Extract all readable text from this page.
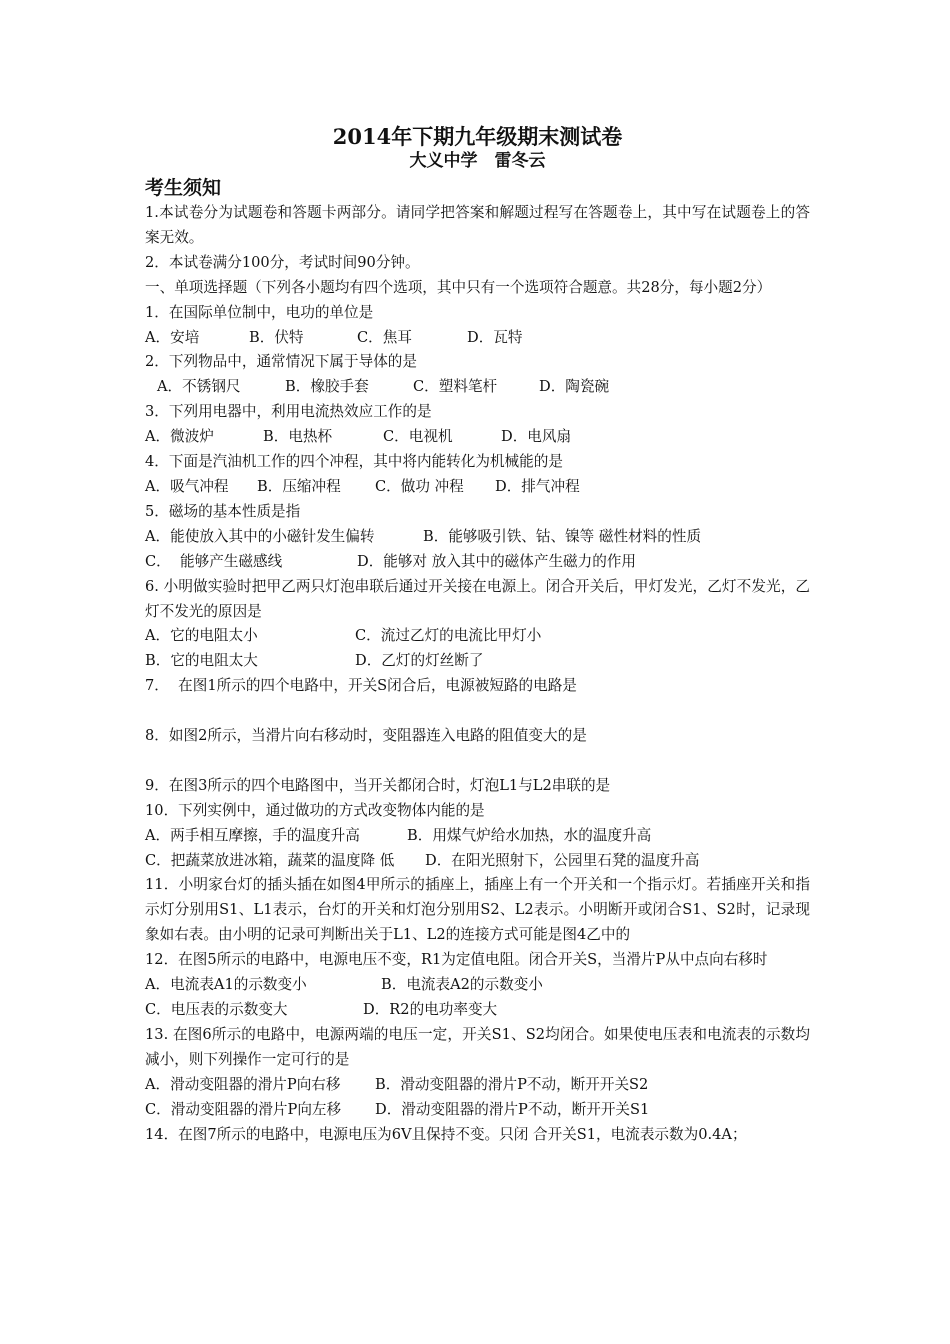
2014年下期九年级期末测试卷
大义中学　雷冬云
考生须知
1.本试卷分为试题卷和答题卡两部分。请同学把答案和解题过程写在答题卷上，其中写在试题卷上的答案无效。
2．本试卷满分100分，考试时间90分钟。
一、单项选择题（下列各小题均有四个选项，其中只有一个选项符合题意。共28分，每小题2分）
1．在国际单位制中，电功的单位是
A．安培	B．伏特	C．焦耳	D．瓦特
2．下列物品中，通常情况下属于导体的是
A．不锈钢尺	B．橡胶手套	C．塑料笔杆	D．陶瓷碗
3．下列用电器中，利用电流热效应工作的是
A．微波炉	B．电热杯	C．电视机	D．电风扇
4．下面是汽油机工作的四个冲程，其中将内能转化为机械能的是
A．吸气冲程	B．压缩冲程	C．做功 冲程	D．排气冲程
5．磁场的基本性质是指
A．能使放入其中的小磁针发生偏转	B．能够吸引铁、钴、镍等 磁性材料的性质
C．  能够产生磁感线	D．能够对 放入其中的磁体产生磁力的作用
6. 小明做实验时把甲乙两只灯泡串联后通过开关接在电源上。闭合开关后，甲灯发光，乙灯不发光，乙灯不发光的原因是
A．它的电阻太小	C．流过乙灯的电流比甲灯小
B．它的电阻太大	D．乙灯的灯丝断了
7．  在图1所示的四个电路中，开关S闭合后，电源被短路的电路是
8．如图2所示，当滑片向右移动时，变阻器连入电路的阻值变大的是
9．在图3所示的四个电路图中，当开关都闭合时，灯泡L1与L2串联的是
10．下列实例中，通过做功的方式改变物体内能的是
A．两手相互摩擦，手的温度升高	B．用煤气炉给水加热，水的温度升高
C．把蔬菜放进冰箱，蔬菜的温度降 低	D．在阳光照射下，公园里石凳的温度升高
11．小明家台灯的插头插在如图4甲所示的插座上，插座上有一个开关和一个指示灯。若插座开关和指示灯分别用S1、L1表示，台灯的开关和灯泡分别用S2、L2表示。小明断开或闭合S1、S2时，记录现象如右表。由小明的记录可判断出关于L1、L2的连接方式可能是图4乙中的
12．在图5所示的电路中，电源电压不变，R1为定值电阻。闭合开关S，当滑片P从中点向右移时
A．电流表A1的示数变小	B．电流表A2的示数变小
C．电压表的示数变大	D．R2的电功率变大
13. 在图6所示的电路中，电源两端的电压一定，开关S1、S2均闭合。如果使电压表和电流表的示数均减小，则下列操作一定可行的是
A．滑动变阻器的滑片P向右移	B．滑动变阻器的滑片P不动，断开开关S2
C．滑动变阻器的滑片P向左移	D．滑动变阻器的滑片P不动，断开开关S1
14．在图7所示的电路中，电源电压为6V且保持不变。只闭 合开关S1，电流表示数为0.4A；
